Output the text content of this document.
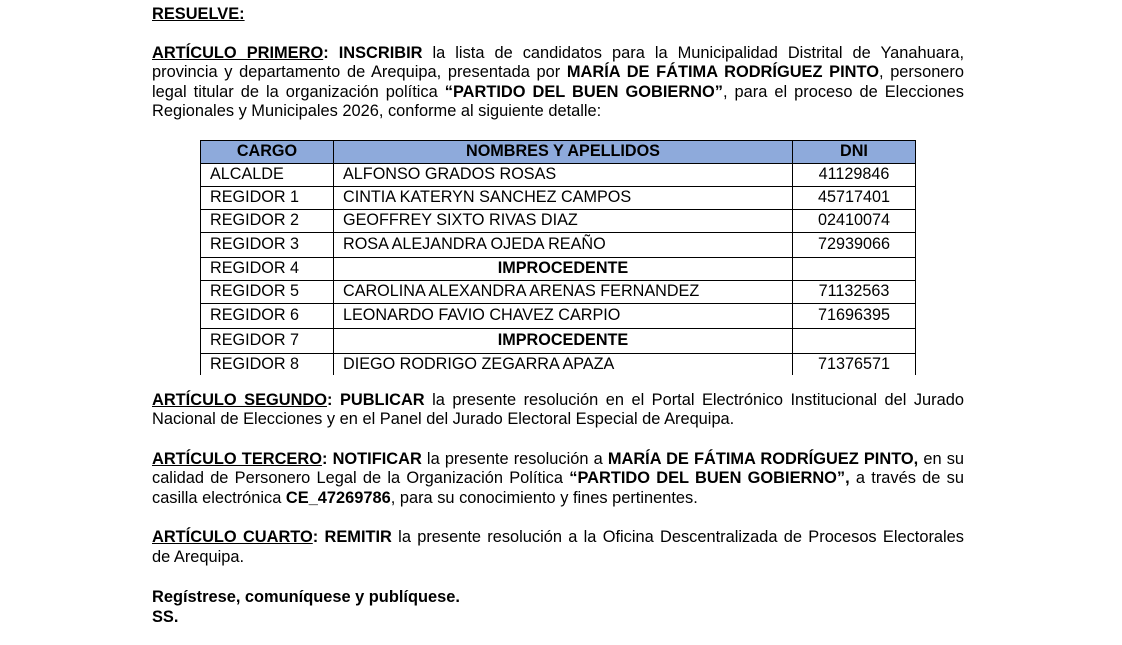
RESUELVE:

ARTÍCULO PRIMERO: INSCRIBIR la lista de candidatos para la Municipalidad Distrital de Yanahuara, provincia y departamento de Arequipa, presentada por MARÍA DE FÁTIMA RODRÍGUEZ PINTO, personero legal titular de la organización política “PARTIDO DEL BUEN GOBIERNO”, para el proceso de Elecciones Regionales y Municipales 2026, conforme al siguiente detalle:

CARGO	NOMBRES Y APELLIDOS	DNI
ALCALDE	ALFONSO GRADOS ROSAS	41129846
REGIDOR 1	CINTIA KATERYN SANCHEZ CAMPOS	45717401
REGIDOR 2	GEOFFREY SIXTO RIVAS DIAZ	02410074
REGIDOR 3	ROSA ALEJANDRA OJEDA REAÑO	72939066
REGIDOR 4	IMPROCEDENTE	
REGIDOR 5	CAROLINA ALEXANDRA ARENAS FERNANDEZ	71132563
REGIDOR 6	LEONARDO FAVIO CHAVEZ CARPIO	71696395
REGIDOR 7	IMPROCEDENTE	
REGIDOR 8	DIEGO RODRIGO ZEGARRA APAZA	71376571

ARTÍCULO SEGUNDO: PUBLICAR la presente resolución en el Portal Electrónico Institucional del Jurado Nacional de Elecciones y en el Panel del Jurado Electoral Especial de Arequipa.

ARTÍCULO TERCERO: NOTIFICAR la presente resolución a MARÍA DE FÁTIMA RODRÍGUEZ PINTO, en su calidad de Personero Legal de la Organización Política “PARTIDO DEL BUEN GOBIERNO”, a través de su casilla electrónica CE_47269786, para su conocimiento y fines pertinentes.

ARTÍCULO CUARTO: REMITIR la presente resolución a la Oficina Descentralizada de Procesos Electorales de Arequipa.

Regístrese, comuníquese y publíquese.
SS.
